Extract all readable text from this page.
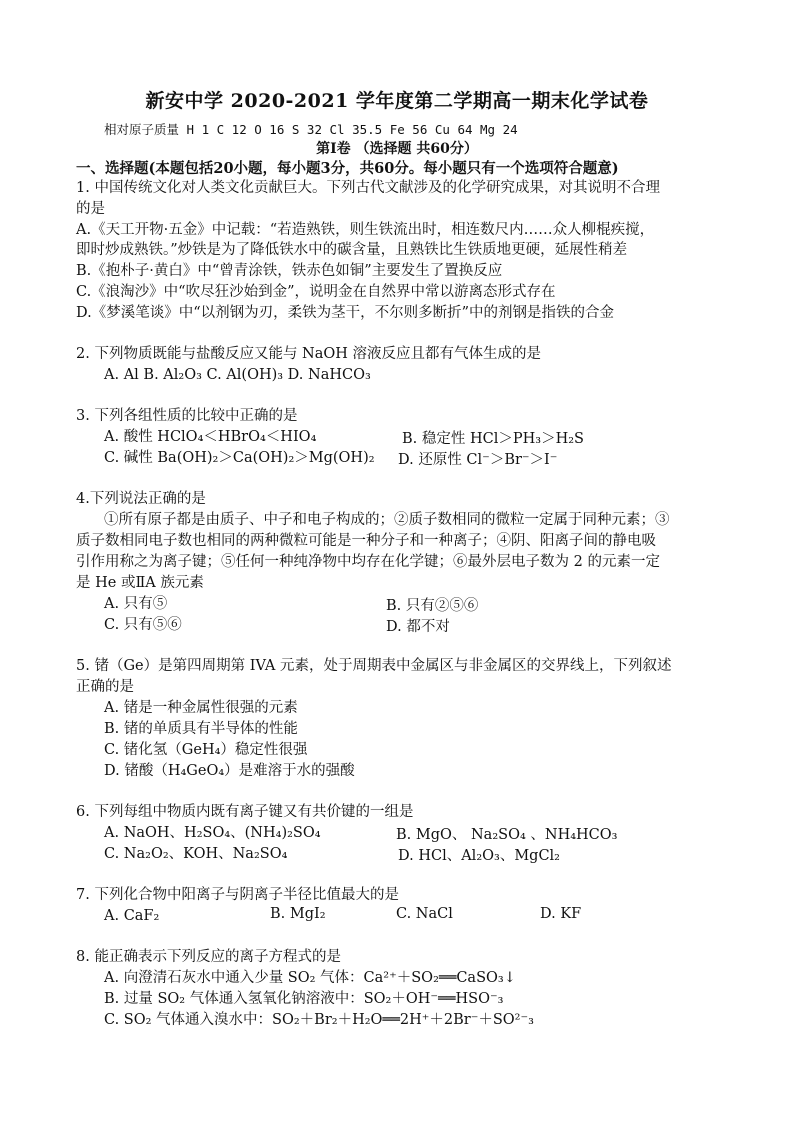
新安中学 2020-2021 学年度第二学期高一期末化学试卷
相对原子质量 H 1 C 12 O 16 S 32 Cl 35.5 Fe 56 Cu 64 Mg 24
第Ⅰ卷 （选择题 共60分）
一、选择题(本题包括20小题，每小题3分，共60分。每小题只有一个选项符合题意)
1. 中国传统文化对人类文化贡献巨大。下列古代文献涉及的化学研究成果，对其说明不合理
的是
A.《天工开物·五金》中记载：“若造熟铁，则生铁流出时，相连数尺内……众人柳棍疾搅，
即时炒成熟铁。”炒铁是为了降低铁水中的碳含量，且熟铁比生铁质地更硬，延展性稍差
B.《抱朴子·黄白》中“曾青涂铁，铁赤色如铜”主要发生了置换反应
C.《浪淘沙》中“吹尽狂沙始到金”，说明金在自然界中常以游离态形式存在
D.《梦溪笔谈》中“以剂钢为刃，柔铁为茎干，不尔则多断折”中的剂钢是指铁的合金
2. 下列物质既能与盐酸反应又能与 NaOH 溶液反应且都有气体生成的是
A. Al B. Al₂O₃ C. Al(OH)₃ D. NaHCO₃
3. 下列各组性质的比较中正确的是
A. 酸性 HClO₄＜HBrO₄＜HIO₄	B. 稳定性 HCl＞PH₃＞H₂S
C. 碱性 Ba(OH)₂＞Ca(OH)₂＞Mg(OH)₂ D. 还原性 Cl⁻＞Br⁻＞I⁻
4.下列说法正确的是
①所有原子都是由质子、中子和电子构成的；②质子数相同的微粒一定属于同种元素；③
质子数相同电子数也相同的两种微粒可能是一种分子和一种离子；④阴、阳离子间的静电吸
引作用称之为离子键；⑤任何一种纯净物中均存在化学键；⑥最外层电子数为 2 的元素一定
是 He 或ⅡA 族元素
A. 只有⑤	B. 只有②⑤⑥
C. 只有⑤⑥	D. 都不对
5. 锗（Ge）是第四周期第 IVA 元素，处于周期表中金属区与非金属区的交界线上，下列叙述
正确的是
A. 锗是一种金属性很强的元素
B. 锗的单质具有半导体的性能
C. 锗化氢（GeH₄）稳定性很强
D. 锗酸（H₄GeO₄）是难溶于水的强酸
6. 下列每组中物质内既有离子键又有共价键的一组是
A. NaOH、H₂SO₄、(NH₄)₂SO₄	B. MgO、 Na₂SO₄ 、NH₄HCO₃
C. Na₂O₂、KOH、Na₂SO₄	D. HCl、Al₂O₃、MgCl₂
7. 下列化合物中阳离子与阴离子半径比值最大的是
A. CaF₂	B. MgI₂	C. NaCl	D. KF
8. 能正确表示下列反应的离子方程式的是
A. 向澄清石灰水中通入少量 SO₂ 气体：Ca²⁺＋SO₂══CaSO₃↓
B. 过量 SO₂ 气体通入氢氧化钠溶液中：SO₂＋OH⁻══HSO⁻₃
C. SO₂ 气体通入溴水中：SO₂＋Br₂＋H₂O══2H⁺＋2Br⁻＋SO²⁻₃
